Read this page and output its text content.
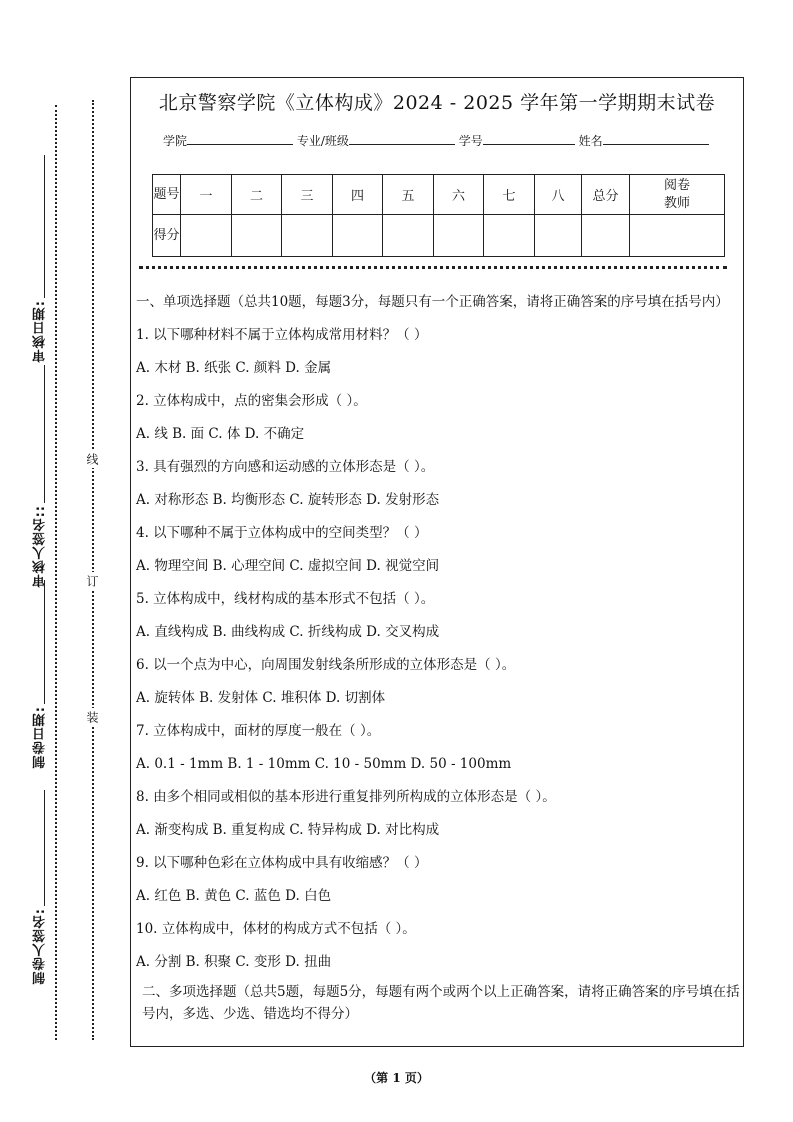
审核日期:
审核人签名::
制卷日期:
制卷人签名:
线
订
装
北京警察学院《立体构成》2024 - 2025 学年第一学期期末试卷
学院	专业/班级	学号	姓名
题号	一	二	三	四	五	六	七	八	总分	阅卷教师
得分										
一、单项选择题（总共10题，每题3分，每题只有一个正确答案，请将正确答案的序号填在括号内）
1. 以下哪种材料不属于立体构成常用材料？（ ）
A. 木材 B. 纸张 C. 颜料 D. 金属
2. 立体构成中，点的密集会形成（ ）。
A. 线 B. 面 C. 体 D. 不确定
3. 具有强烈的方向感和运动感的立体形态是（ ）。
A. 对称形态 B. 均衡形态 C. 旋转形态 D. 发射形态
4. 以下哪种不属于立体构成中的空间类型？（ ）
A. 物理空间 B. 心理空间 C. 虚拟空间 D. 视觉空间
5. 立体构成中，线材构成的基本形式不包括（ ）。
A. 直线构成 B. 曲线构成 C. 折线构成 D. 交叉构成
6. 以一个点为中心，向周围发射线条所形成的立体形态是（ ）。
A. 旋转体 B. 发射体 C. 堆积体 D. 切割体
7. 立体构成中，面材的厚度一般在（ ）。
A. 0.1 - 1mm B. 1 - 10mm C. 10 - 50mm D. 50 - 100mm
8. 由多个相同或相似的基本形进行重复排列所构成的立体形态是（ ）。
A. 渐变构成 B. 重复构成 C. 特异构成 D. 对比构成
9. 以下哪种色彩在立体构成中具有收缩感？（ ）
A. 红色 B. 黄色 C. 蓝色 D. 白色
10. 立体构成中，体材的构成方式不包括（ ）。
A. 分割 B. 积聚 C. 变形 D. 扭曲
二、多项选择题（总共5题，每题5分，每题有两个或两个以上正确答案，请将正确答案的序号填在括号内，多选、少选、错选均不得分）
（第 1 页）
